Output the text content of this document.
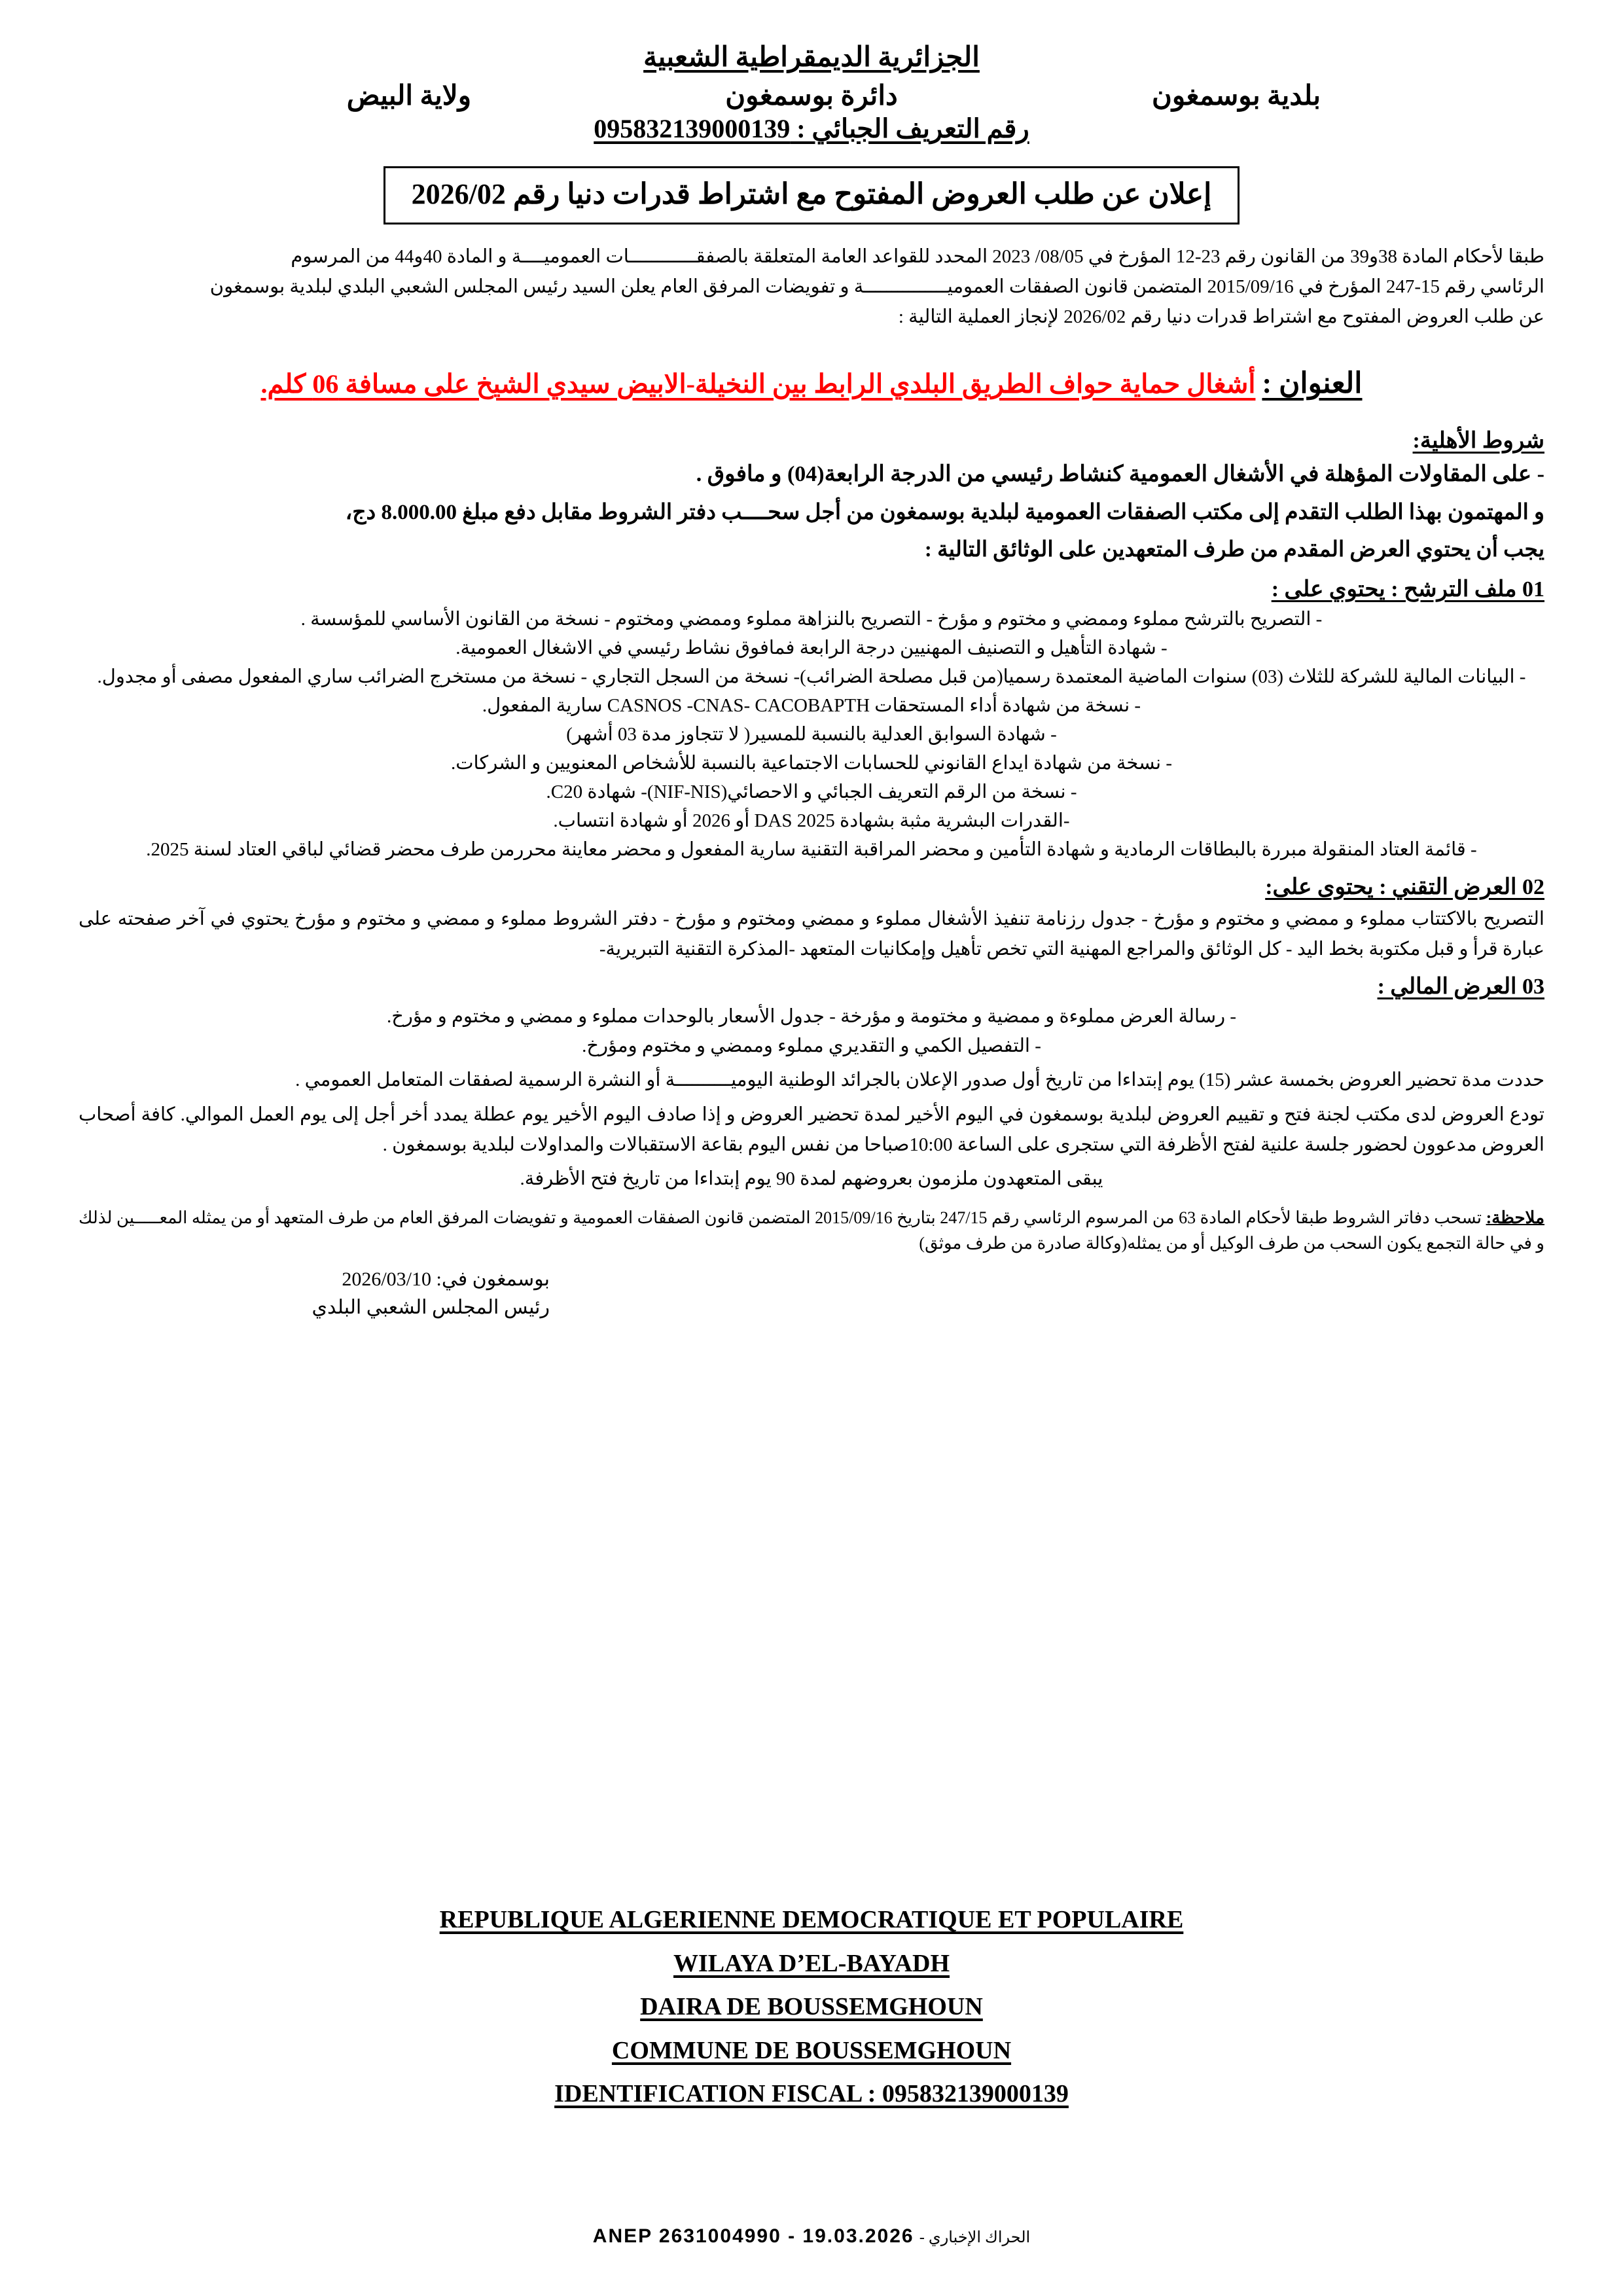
الجزائرية الديمقراطية الشعبية
بلدية بوسمغون
دائرة بوسمغون
ولاية البيض
رقم التعريف الجبائي : 095832139000139
إعلان عن طلب العروض المفتوح مع اشتراط قدرات دنيا رقم 2026/02
طبقا لأحكام المادة 38و39 من القانون رقم 23-12 المؤرخ في 08/05/ 2023 المحدد للقواعد العامة المتعلقة بالصفقــــــــــــات العموميــــة و المادة 40و44 من المرسوم
الرئاسي رقم 15-247 المؤرخ في 2015/09/16 المتضمن قانون الصفقات العموميـــــــــــــــة و تفويضات المرفق العام يعلن السيد رئيس المجلس الشعبي البلدي لبلدية بوسمغون
عن طلب العروض المفتوح مع اشتراط قدرات دنيا رقم 2026/02 لإنجاز العملية التالية :
العنوان : أشغال حماية حواف الطريق البلدي الرابط بين النخيلة-الابيض سيدي الشيخ على مسافة 06 كلم.
شروط الأهلية:
- على المقاولات المؤهلة في الأشغال العمومية كنشاط رئيسي من الدرجة الرابعة(04) و مافوق .
و المهتمون بهذا الطلب التقدم إلى مكتب الصفقات العمومية لبلدية بوسمغون من أجل سحــــب دفتر الشروط مقابل دفع مبلغ 8.000.00 دج،
يجب أن يحتوي العرض المقدم من طرف المتعهدين على الوثائق التالية :
01 ملف الترشح : يحتوي على :
- التصريح بالترشح مملوء وممضي و مختوم و مؤرخ - التصريح بالنزاهة مملوء وممضي ومختوم - نسخة من القانون الأساسي للمؤسسة .
- شهادة التأهيل و التصنيف المهنيين درجة الرابعة فمافوق نشاط رئيسي في الاشغال العمومية.
- البيانات المالية للشركة للثلاث (03) سنوات الماضية المعتمدة رسميا(من قبل مصلحة الضرائب)- نسخة من السجل التجاري - نسخة من مستخرج الضرائب ساري المفعول مصفى أو مجدول.
- نسخة من شهادة أداء المستحقات CASNOS -CNAS- CACOBAPTH سارية المفعول.
- شهادة السوابق العدلية بالنسبة للمسير( لا تتجاوز مدة 03 أشهر)
- نسخة من شهادة ايداع القانوني للحسابات الاجتماعية بالنسبة للأشخاص المعنويين و الشركات.
- نسخة من الرقم التعريف الجبائي و الاحصائي(NIF-NIS)- شهادة C20.
-القدرات البشرية مثبة بشهادة DAS 2025 أو 2026 أو شهادة انتساب.
- قائمة العتاد المنقولة مبررة بالبطاقات الرمادية و شهادة التأمين و محضر المراقبة التقنية سارية المفعول و محضر معاينة محررمن طرف محضر قضائي لباقي العتاد لسنة 2025.
02 العرض التقني : يحتوى على:
التصريح بالاكتتاب مملوء و ممضي و مختوم و مؤرخ - جدول رزنامة تنفيذ الأشغال مملوء و ممضي ومختوم و مؤرخ - دفتر الشروط مملوء و ممضي و مختوم و مؤرخ يحتوي في آخر صفحته على عبارة قرأ و قبل مكتوبة بخط اليد - كل الوثائق والمراجع المهنية التي تخص تأهيل وإمكانيات المتعهد -المذكرة التقنية التبريرية-
03 العرض المالي :
- رسالة العرض مملوءة و ممضية و مختومة و مؤرخة - جدول الأسعار بالوحدات مملوء و ممضي و مختوم و مؤرخ.
- التفصيل الكمي و التقديري مملوء وممضي و مختوم ومؤرخ.
حددت مدة تحضير العروض بخمسة عشر (15) يوم إبتداءا من تاريخ أول صدور الإعلان بالجرائد الوطنية اليوميــــــــــة أو النشرة الرسمية لصفقات المتعامل العمومي .
تودع العروض لدى مكتب لجنة فتح و تقييم العروض لبلدية بوسمغون في اليوم الأخير لمدة تحضير العروض و إذا صادف اليوم الأخير يوم عطلة يمدد أخر أجل إلى يوم العمل الموالي. كافة أصحاب العروض مدعوون لحضور جلسة علنية لفتح الأظرفة التي ستجرى على الساعة 10:00صباحا من نفس اليوم بقاعة الاستقبالات والمداولات لبلدية بوسمغون .
يبقى المتعهدون ملزمون بعروضهم لمدة 90 يوم إبتداءا من تاريخ فتح الأظرفة.
ملاحظة: تسحب دفاتر الشروط طبقا لأحكام المادة 63 من المرسوم الرئاسي رقم 247/15 بتاريخ 2015/09/16 المتضمن قانون الصفقات العمومية و تفويضات المرفق العام من طرف المتعهد أو من يمثله المعـــــين لذلك و في حالة التجمع يكون السحب من طرف الوكيل أو من يمثله(وكالة صادرة من طرف موثق)
بوسمغون في: 2026/03/10
رئيس المجلس الشعبي البلدي
REPUBLIQUE ALGERIENNE DEMOCRATIQUE ET POPULAIRE
WILAYA D’EL-BAYADH
DAIRA DE BOUSSEMGHOUN
COMMUNE DE BOUSSEMGHOUN
IDENTIFICATION FISCAL : 095832139000139
الحراك الإخباري - ANEP 2631004990 - 19.03.2026
